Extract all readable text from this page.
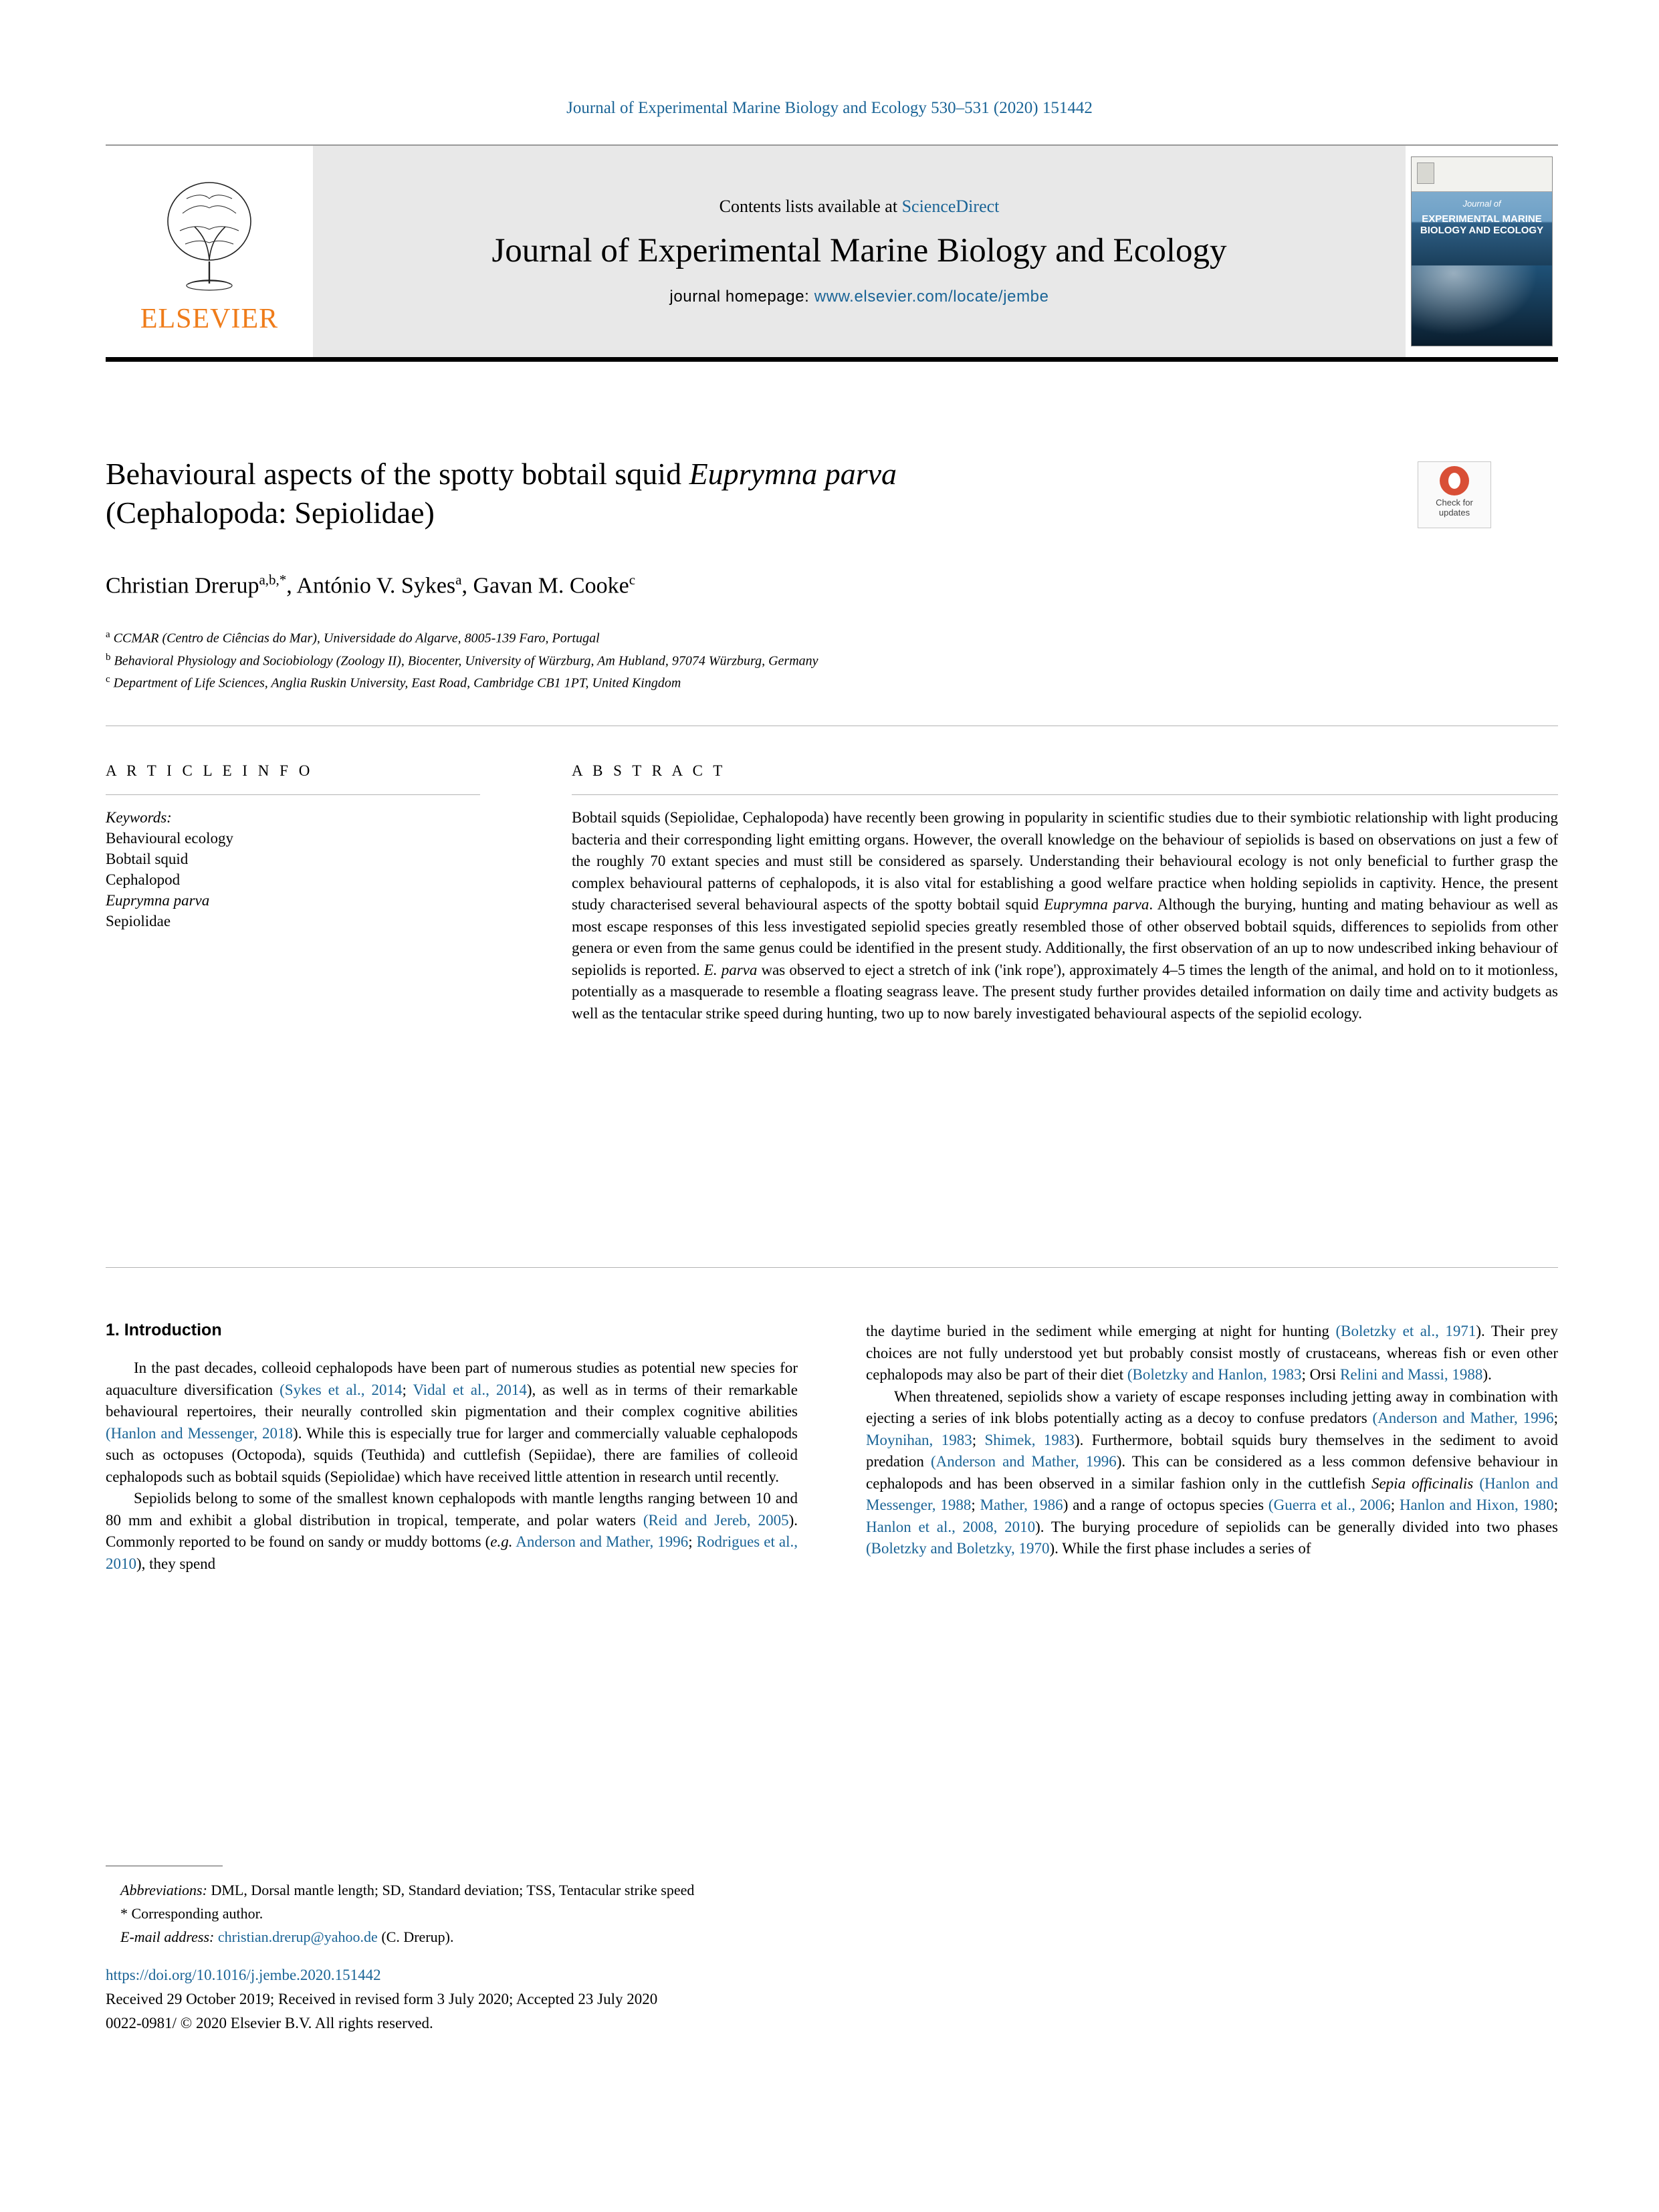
Journal of Experimental Marine Biology and Ecology 530–531 (2020) 151442
ELSEVIER
Contents lists available at ScienceDirect
Journal of Experimental Marine Biology and Ecology
journal homepage: www.elsevier.com/locate/jembe
Journal of
EXPERIMENTAL MARINE BIOLOGY AND ECOLOGY
Behavioural aspects of the spotty bobtail squid Euprymna parva
(Cephalopoda: Sepiolidae)	Check for
updates
Christian Drerup$^{a,b,*}$, António V. Sykes$^a$, Gavan M. Cooke$^c$
$^a$ CCMAR (Centro de Ciências do Mar), Universidade do Algarve, 8005-139 Faro, Portugal
$^b$ Behavioral Physiology and Sociobiology (Zoology II), Biocenter, University of Würzburg, Am Hubland, 97074 Würzburg, Germany
$^c$ Department of Life Sciences, Anglia Ruskin University, East Road, Cambridge CB1 1PT, United Kingdom
A R T I C L E I N F O
Keywords:
Behavioural ecology
Bobtail squid
Cephalopod
Euprymna parva
Sepiolidae
A B S T R A C T
Bobtail squids (Sepiolidae, Cephalopoda) have recently been growing in popularity in scientific studies due to their symbiotic relationship with light producing bacteria and their corresponding light emitting organs. However, the overall knowledge on the behaviour of sepiolids is based on observations on just a few of the roughly 70 extant species and must still be considered as sparsely. Understanding their behavioural ecology is not only beneficial to further grasp the complex behavioural patterns of cephalopods, it is also vital for establishing a good welfare practice when holding sepiolids in captivity. Hence, the present study characterised several behavioural aspects of the spotty bobtail squid Euprymna parva. Although the burying, hunting and mating behaviour as well as most escape responses of this less investigated sepiolid species greatly resembled those of other observed bobtail squids, differences to sepiolids from other genera or even from the same genus could be identified in the present study. Additionally, the first observation of an up to now undescribed inking behaviour of sepiolids is reported. E. parva was observed to eject a stretch of ink ('ink rope'), approximately 4–5 times the length of the animal, and hold on to it motionless, potentially as a masquerade to resemble a floating seagrass leave. The present study further provides detailed information on daily time and activity budgets as well as the tentacular strike speed during hunting, two up to now barely investigated behavioural aspects of the sepiolid ecology.
1. Introduction

In the past decades, colleoid cephalopods have been part of numerous studies as potential new species for aquaculture diversification (Sykes et al., 2014; Vidal et al., 2014), as well as in terms of their remarkable behavioural repertoires, their neurally controlled skin pigmentation and their complex cognitive abilities (Hanlon and Messenger, 2018). While this is especially true for larger and commercially valuable cephalopods such as octopuses (Octopoda), squids (Teuthida) and cuttlefish (Sepiidae), there are families of colleoid cephalopods such as bobtail squids (Sepiolidae) which have received little attention in research until recently.

Sepiolids belong to some of the smallest known cephalopods with mantle lengths ranging between 10 and 80 mm and exhibit a global distribution in tropical, temperate, and polar waters (Reid and Jereb, 2005). Commonly reported to be found on sandy or muddy bottoms (e.g. Anderson and Mather, 1996; Rodrigues et al., 2010), they spend

the daytime buried in the sediment while emerging at night for hunting (Boletzky et al., 1971). Their prey choices are not fully understood yet but probably consist mostly of crustaceans, whereas fish or even other cephalopods may also be part of their diet (Boletzky and Hanlon, 1983; Orsi Relini and Massi, 1988).

When threatened, sepiolids show a variety of escape responses including jetting away in combination with ejecting a series of ink blobs potentially acting as a decoy to confuse predators (Anderson and Mather, 1996; Moynihan, 1983; Shimek, 1983). Furthermore, bobtail squids bury themselves in the sediment to avoid predation (Anderson and Mather, 1996). This can be considered as a less common defensive behaviour in cephalopods and has been observed in a similar fashion only in the cuttlefish Sepia officinalis (Hanlon and Messenger, 1988; Mather, 1986) and a range of octopus species (Guerra et al., 2006; Hanlon and Hixon, 1980; Hanlon et al., 2008, 2010). The burying procedure of sepiolids can be generally divided into two phases (Boletzky and Boletzky, 1970). While the first phase includes a series of

Abbreviations: DML, Dorsal mantle length; SD, Standard deviation; TSS, Tentacular strike speed

* Corresponding author.

E-mail address: christian.drerup@yahoo.de (C. Drerup).

https://doi.org/10.1016/j.jembe.2020.151442

Received 29 October 2019; Received in revised form 3 July 2020; Accepted 23 July 2020

0022-0981/ © 2020 Elsevier B.V. All rights reserved.
